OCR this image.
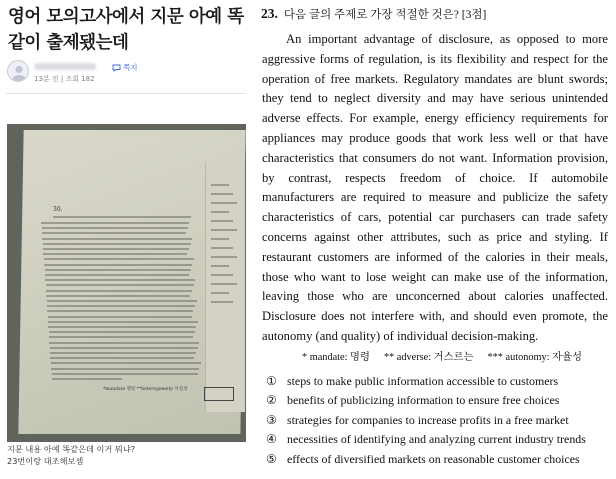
영어 모의고사에서 지문 아예 똑같이 출제됐는데
13분 전 | 조회 182
쪽지
30.
*mandate 명령 **heterogeneity 이질성
지문 내용 아예 똑같은데 이거 뭐냐?
23번이랑 대조해보셈
23. 다음 글의 주제로 가장 적절한 것은? [3점]

An important advantage of disclosure, as opposed to more aggressive forms of regulation, is its flexibility and respect for the operation of free markets. Regulatory mandates are blunt swords; they tend to neglect diversity and may have serious unintended adverse effects. For example, energy efficiency requirements for appliances may produce goods that work less well or that have characteristics that consumers do not want. Information provision, by contrast, respects freedom of choice. If automobile manufacturers are required to measure and publicize the safety characteristics of cars, potential car purchasers can trade safety concerns against other attributes, such as price and styling. If restaurant customers are informed of the calories in their meals, those who want to lose weight can make use of the information, leaving those who are unconcerned about calories unaffected. Disclosure does not interfere with, and should even promote, the autonomy (and quality) of individual decision-making.

* mandate: 명령 ** adverse: 거스르는 *** autonomy: 자율성
① steps to make public information accessible to customers
② benefits of publicizing information to ensure free choices
③ strategies for companies to increase profits in a free market
④ necessities of identifying and analyzing current industry trends
⑤ effects of diversified markets on reasonable customer choices
